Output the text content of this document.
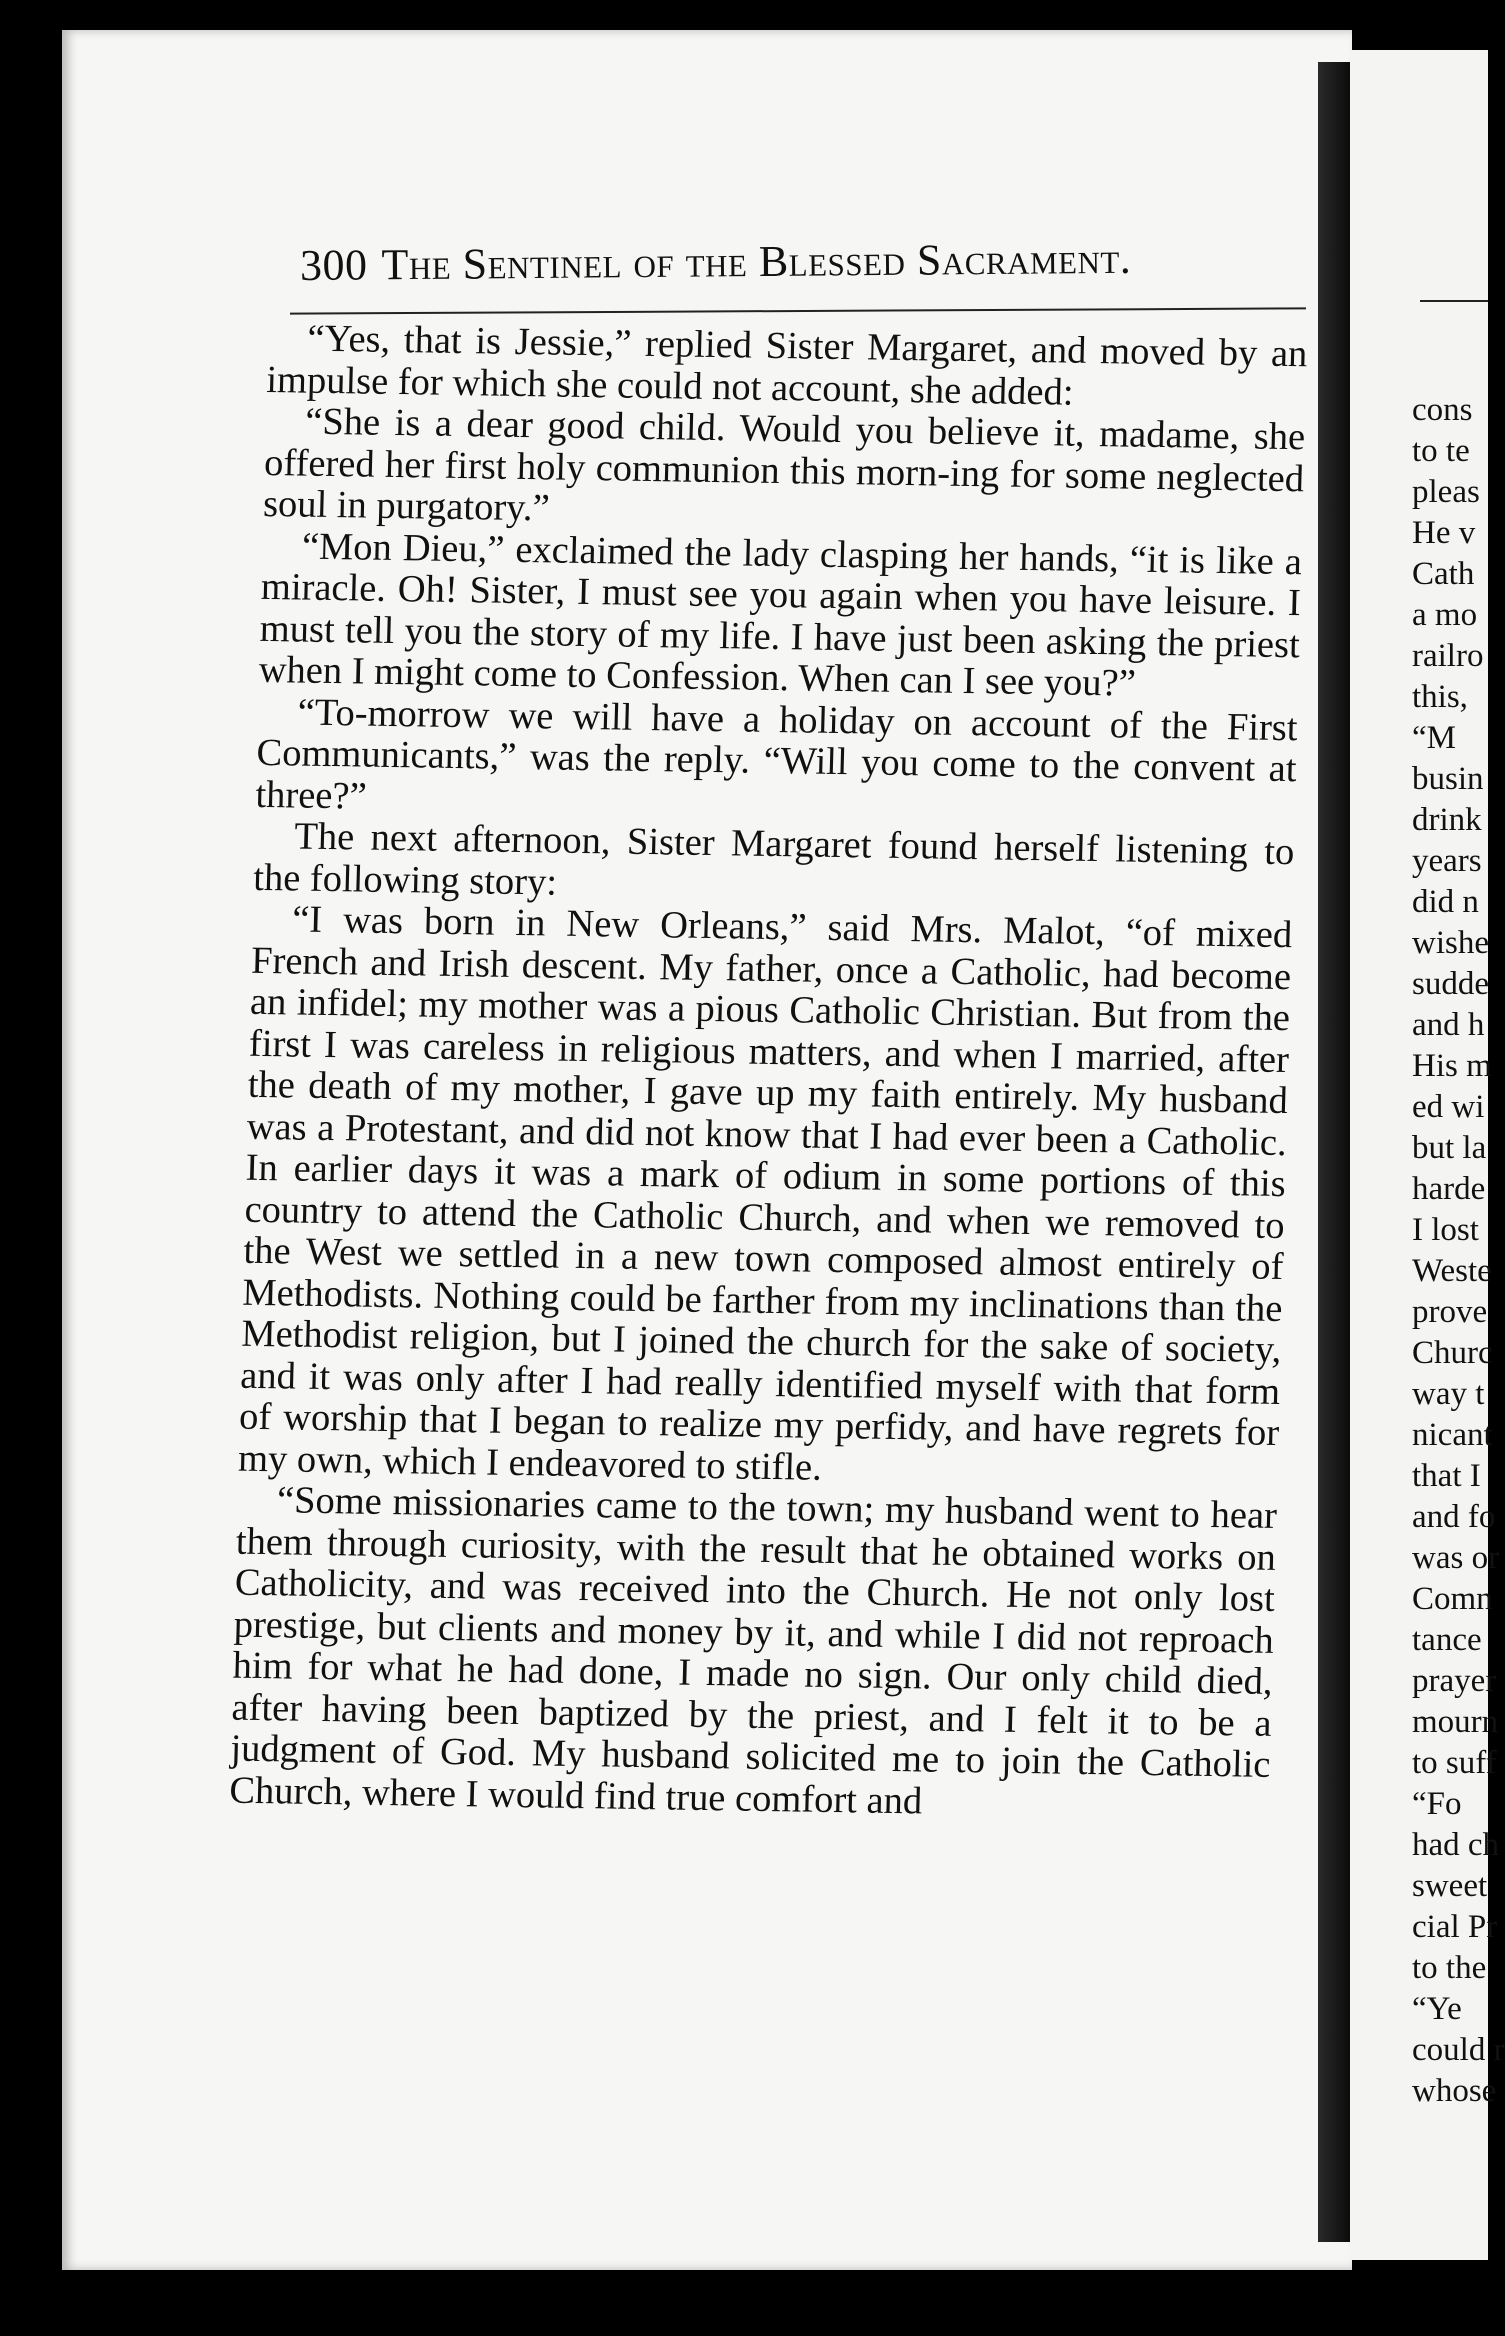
300 The Sentinel of the Blessed Sacrament.

“Yes, that is Jessie,” replied Sister Margaret, and moved by an impulse for which she could not account, she added:

“She is a dear good child. Would you believe it, madame, she offered her first holy communion this morn-ing for some neglected soul in purgatory.”

“Mon Dieu,” exclaimed the lady clasping her hands, “it is like a miracle. Oh! Sister, I must see you again when you have leisure. I must tell you the story of my life. I have just been asking the priest when I might come to Confession. When can I see you?”

“To-morrow we will have a holiday on account of the First Communicants,” was the reply. “Will you come to the convent at three?”

The next afternoon, Sister Margaret found herself listening to the following story:

“I was born in New Orleans,” said Mrs. Malot, “of mixed French and Irish descent. My father, once a Catholic, had become an infidel; my mother was a pious Catholic Christian. But from the first I was careless in religious matters, and when I married, after the death of my mother, I gave up my faith entirely. My husband was a Protestant, and did not know that I had ever been a Catholic. In earlier days it was a mark of odium in some portions of this country to attend the Catholic Church, and when we removed to the West we settled in a new town composed almost entirely of Methodists. Nothing could be farther from my inclinations than the Methodist religion, but I joined the church for the sake of society, and it was only after I had really identified myself with that form of worship that I began to realize my perfidy, and have regrets for my own, which I endeavored to stifle.

“Some missionaries came to the town; my husband went to hear them through curiosity, with the result that he obtained works on Catholicity, and was received into the Church. He not only lost prestige, but clients and money by it, and while I did not reproach him for what he had done, I made no sign. Our only child died, after having been baptized by the priest, and I felt it to be a judgment of God. My husband solicited me to join the Catholic Church, where I would find true comfort and

cons
to te
pleas
He v
Cath
a mo
railro
this,
“M
busin
drink
years
did n
wishe
sudde
and h
His m
ed wi
but la
harde
I lost
Weste
prove
Churc
way t
nicant
that I
and fo
was or
Comn
tance
prayer
mourn
to suff
“Fo
had ch
sweet
cial Pr
to the
“Ye
could r
whose
